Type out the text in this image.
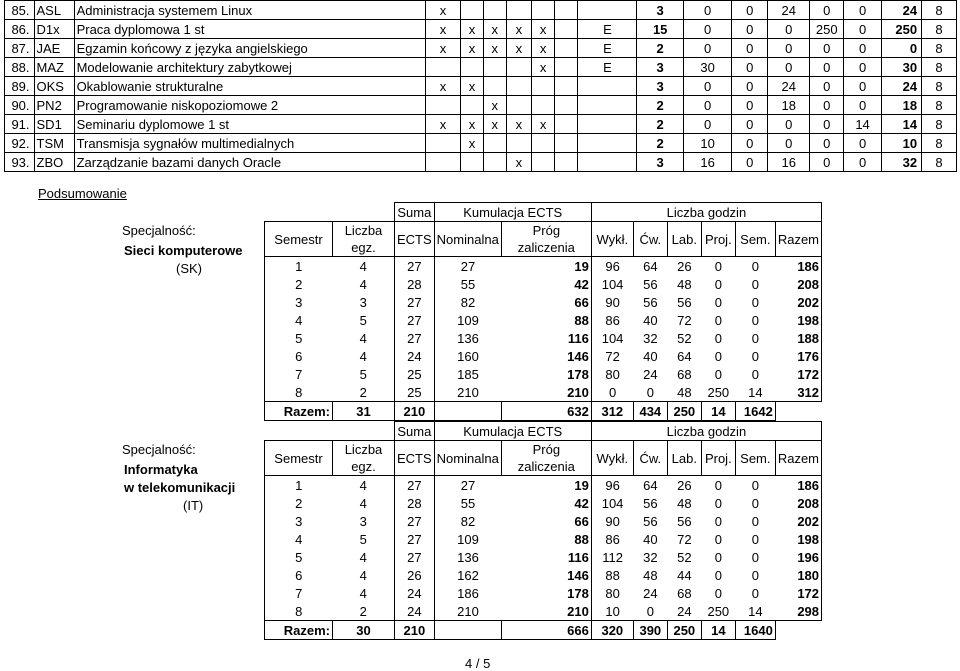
85.	ASL	Administracja systemem Linux	x							3	0	0	24	0	0	24	8
86.	D1x	Praca dyplomowa 1 st	x	x	x	x	x		E	15	0	0	0	250	0	250	8
87.	JAE	Egzamin końcowy z języka angielskiego	x	x	x	x	x		E	2	0	0	0	0	0	0	8
88.	MAZ	Modelowanie architektury zabytkowej					x		E	3	30	0	0	0	0	30	8
89.	OKS	Okablowanie strukturalne	x	x						3	0	0	24	0	0	24	8
90.	PN2	Programowanie niskopoziomowe 2			x					2	0	0	18	0	0	18	8
91.	SD1	Seminariu dyplomowe 1 st	x	x	x	x	x			2	0	0	0	0	14	14	8
92.	TSM	Transmisja sygnałów multimedialnych		x						2	10	0	0	0	0	10	8
93.	ZBO	Zarządzanie bazami danych Oracle				x				3	16	0	16	0	0	32	8
Podsumowanie
Specjalność:
Sieci komputerowe
(SK)
		Suma	Kumulacja ECTS		Liczba godzin					
Semestr	Liczba egz.	ECTS	Nominalna	Próg zaliczenia	Wykł.	Ćw.	Lab.	Proj.	Sem.	Razem
1	4	27	27	19	96	64	26	0	0	186
2	4	28	55	42	104	56	48	0	0	208
3	3	27	82	66	90	56	56	0	0	202
4	5	27	109	88	86	40	72	0	0	198
5	4	27	136	116	104	32	52	0	0	188
6	4	24	160	146	72	40	64	0	0	176
7	5	25	185	178	80	24	68	0	0	172
8	2	25	210	210	0	0	48	250	14	312
Razem:	31	210		632	312	434	250	14	1642	
Specjalność:
Informatyka
w telekomunikacji
(IT)
		Suma	Kumulacja ECTS		Liczba godzin					
Semestr	Liczba egz.	ECTS	Nominalna	Próg zaliczenia	Wykł.	Ćw.	Lab.	Proj.	Sem.	Razem
1	4	27	27	19	96	64	26	0	0	186
2	4	28	55	42	104	56	48	0	0	208
3	3	27	82	66	90	56	56	0	0	202
4	5	27	109	88	86	40	72	0	0	198
5	4	27	136	116	112	32	52	0	0	196
6	4	26	162	146	88	48	44	0	0	180
7	4	24	186	178	80	24	68	0	0	172
8	2	24	210	210	10	0	24	250	14	298
Razem:	30	210		666	320	390	250	14	1640	
4 / 5
